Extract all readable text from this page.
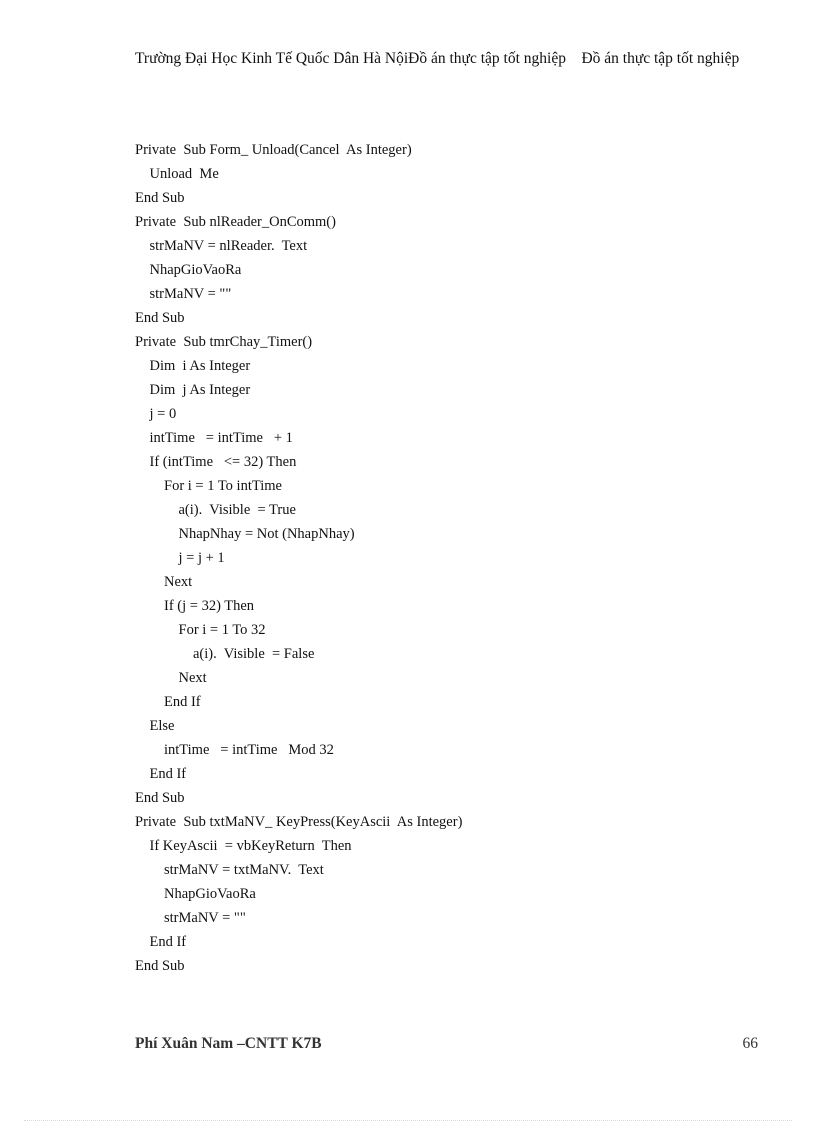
Trường Đại Học Kinh Tế Quốc Dân Hà NộiĐồ án thực tập tốt nghiệp    Đồ án thực tập tốt nghiệp
Private  Sub Form_ Unload(Cancel  As Integer)
Unload  Me
End Sub
Private  Sub nlReader_OnComm()
strMaNV = nlReader.  Text
NhapGioVaoRa
strMaNV = ""
End Sub
Private  Sub tmrChay_Timer()
Dim  i As Integer
Dim  j As Integer
j = 0
intTime   = intTime   + 1
If (intTime   <= 32) Then
For i = 1 To intTime
a(i).  Visible  = True
NhapNhay = Not (NhapNhay)
j = j + 1
Next
If (j = 32) Then
For i = 1 To 32
a(i).  Visible  = False
Next
End If
Else
intTime   = intTime   Mod 32
End If
End Sub
Private  Sub txtMaNV_ KeyPress(KeyAscii  As Integer)
If KeyAscii  = vbKeyReturn  Then
strMaNV = txtMaNV.  Text
NhapGioVaoRa
strMaNV = ""
End If
End Sub
Phí Xuân Nam –CNTT K7B	66
